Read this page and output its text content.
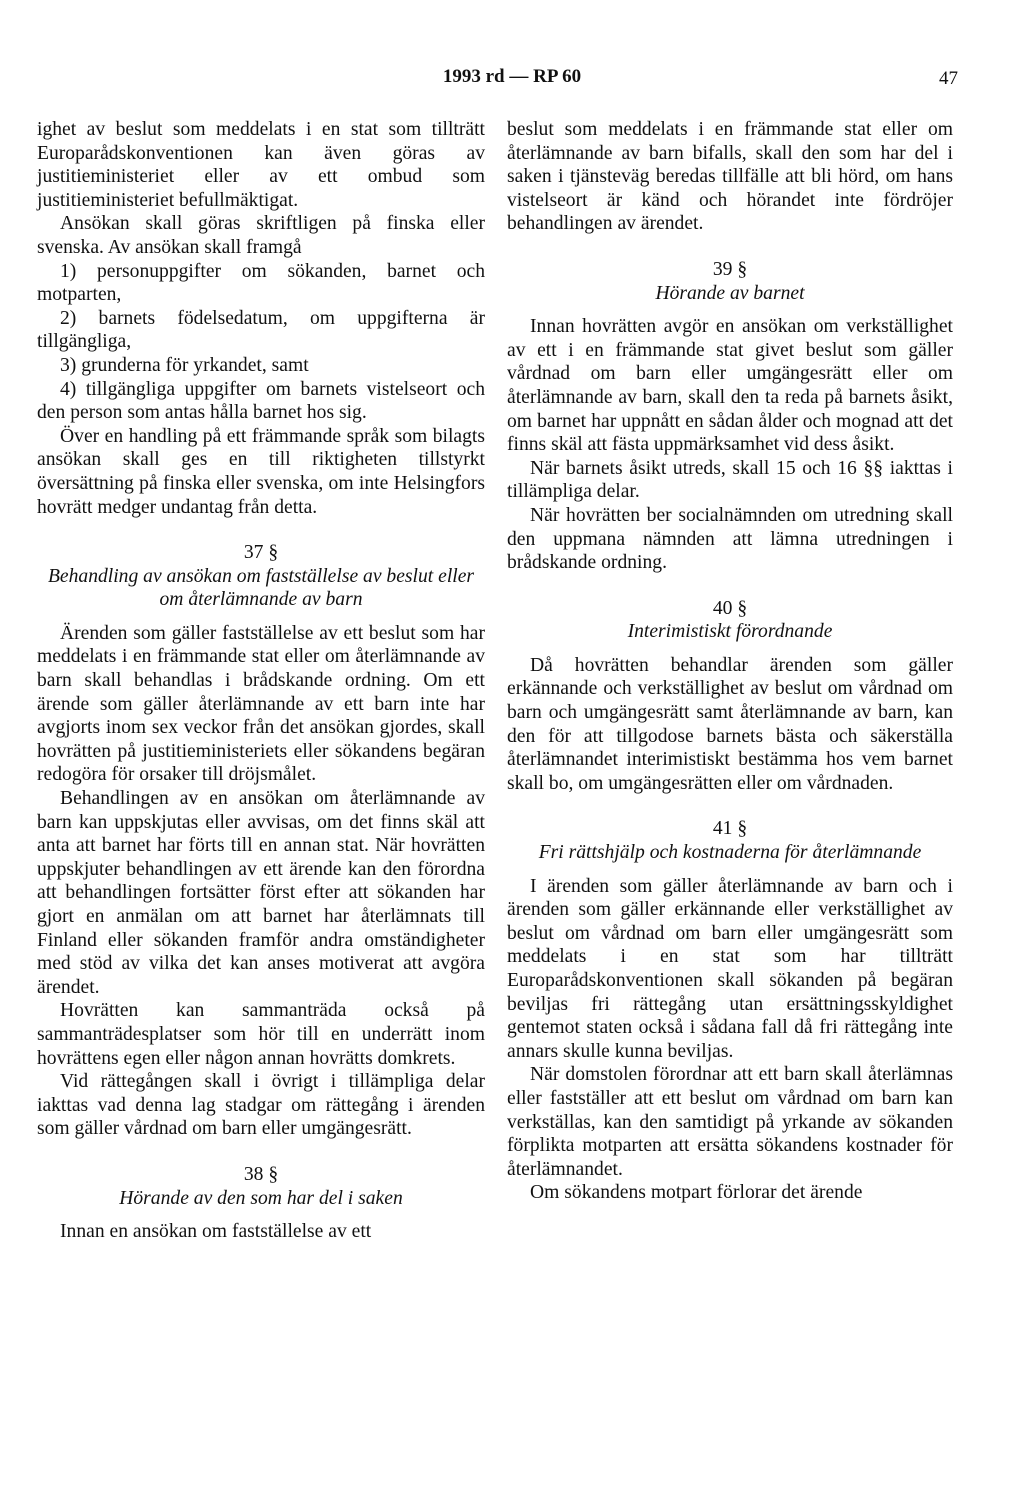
1993 rd — RP 60	47

ighet av beslut som meddelats i en stat som tillträtt Europarådskonventionen kan även göras av justitieministeriet eller av ett ombud som justitieministeriet befullmäktigat.

Ansökan skall göras skriftligen på finska eller svenska. Av ansökan skall framgå

1) personuppgifter om sökanden, barnet och motparten,

2) barnets födelsedatum, om uppgifterna är tillgängliga,

3) grunderna för yrkandet, samt

4) tillgängliga uppgifter om barnets vistelseort och den person som antas hålla barnet hos sig.

Över en handling på ett främmande språk som bilagts ansökan skall ges en till riktigheten tillstyrkt översättning på finska eller svenska, om inte Helsingfors hovrätt medger undantag från detta.

37 §
Behandling av ansökan om fastställelse av beslut eller om återlämnande av barn

Ärenden som gäller fastställelse av ett beslut som har meddelats i en främmande stat eller om återlämnande av barn skall behandlas i brådskande ordning. Om ett ärende som gäller återlämnande av ett barn inte har avgjorts inom sex veckor från det ansökan gjordes, skall hovrätten på justitieministeriets eller sökandens begäran redogöra för orsaker till dröjsmålet.

Behandlingen av en ansökan om återlämnande av barn kan uppskjutas eller avvisas, om det finns skäl att anta att barnet har förts till en annan stat. När hovrätten uppskjuter behandlingen av ett ärende kan den förordna att behandlingen fortsätter först efter att sökanden har gjort en anmälan om att barnet har återlämnats till Finland eller sökanden framför andra omständigheter med stöd av vilka det kan anses motiverat att avgöra ärendet.

Hovrätten kan sammanträda också på sammanträdesplatser som hör till en underrätt inom hovrättens egen eller någon annan hovrätts domkrets.

Vid rättegången skall i övrigt i tillämpliga delar iakttas vad denna lag stadgar om rättegång i ärenden som gäller vårdnad om barn eller umgängesrätt.

38 §
Hörande av den som har del i saken

Innan en ansökan om fastställelse av ett

beslut som meddelats i en främmande stat eller om återlämnande av barn bifalls, skall den som har del i saken i tjänsteväg beredas tillfälle att bli hörd, om hans vistelseort är känd och hörandet inte fördröjer behandlingen av ärendet.

39 §
Hörande av barnet

Innan hovrätten avgör en ansökan om verkställighet av ett i en främmande stat givet beslut som gäller vårdnad om barn eller umgängesrätt eller om återlämnande av barn, skall den ta reda på barnets åsikt, om barnet har uppnått en sådan ålder och mognad att det finns skäl att fästa uppmärksamhet vid dess åsikt.

När barnets åsikt utreds, skall 15 och 16 §§ iakttas i tillämpliga delar.

När hovrätten ber socialnämnden om utredning skall den uppmana nämnden att lämna utredningen i brådskande ordning.

40 §
Interimistiskt förordnande

Då hovrätten behandlar ärenden som gäller erkännande och verkställighet av beslut om vårdnad om barn och umgängesrätt samt återlämnande av barn, kan den för att tillgodose barnets bästa och säkerställa återlämnandet interimistiskt bestämma hos vem barnet skall bo, om umgängesrätten eller om vårdnaden.

41 §
Fri rättshjälp och kostnaderna för återlämnande

I ärenden som gäller återlämnande av barn och i ärenden som gäller erkännande eller verkställighet av beslut om vårdnad om barn eller umgängesrätt som meddelats i en stat som har tillträtt Europarådskonventionen skall sökanden på begäran beviljas fri rättegång utan ersättningsskyldighet gentemot staten också i sådana fall då fri rättegång inte annars skulle kunna beviljas.

När domstolen förordnar att ett barn skall återlämnas eller fastställer att ett beslut om vårdnad om barn kan verkställas, kan den samtidigt på yrkande av sökanden förplikta motparten att ersätta sökandens kostnader för återlämnandet.

Om sökandens motpart förlorar det ärende
